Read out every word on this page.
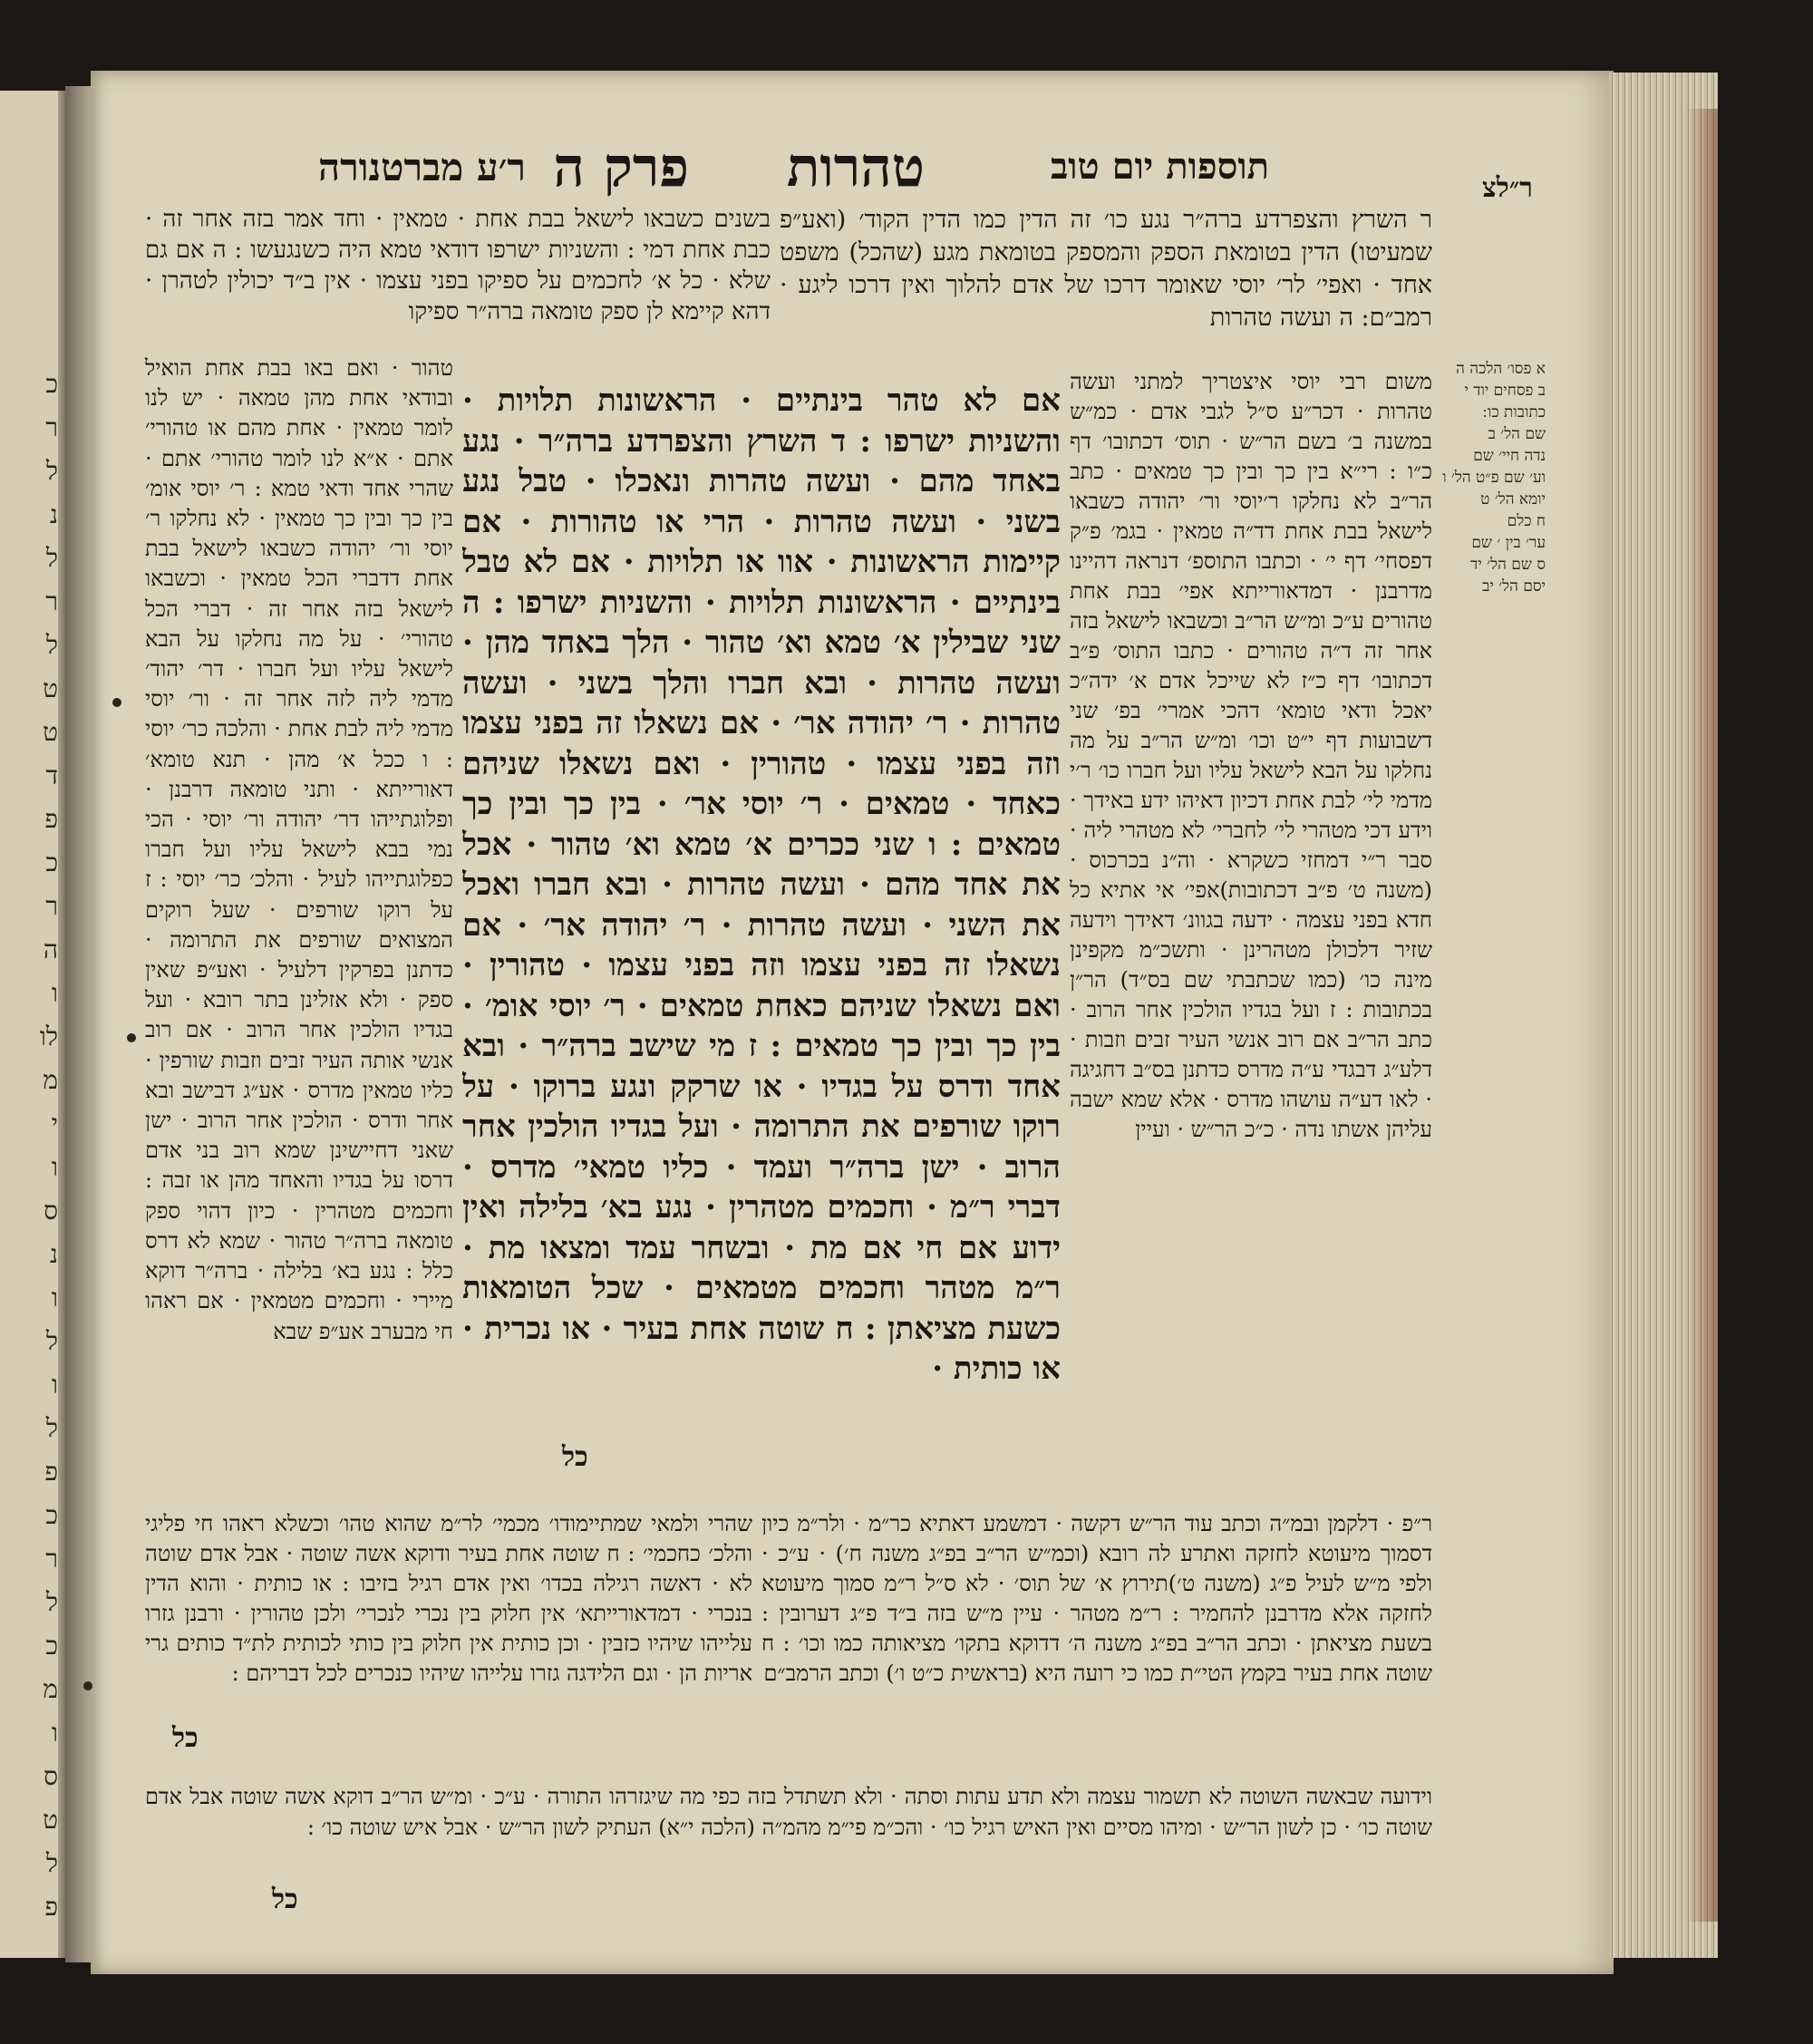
כ
ר
ל
נ
ל
ר
ל
ט
ט
ד
פ
כ
ר
ה
ו
לו
מ
י
ו
ס
נ
ו
ל
ו
ל
פ
כ
ר
ל
כ
מ
ו
ס
ט
ל
פ
תוספות יום טוב
טהרות
פרק ה
ר׳ע מברטנורה	ר״לצ

ר השרץ והצפרדע ברה״ר נגע כו׳ זה הדין כמו הדין הקוד׳ (ואע״פ שמעיטו) הדין בטומאת הספק והמספק בטומאת מגע (שהכל) משפט אחד · ואפי׳ לר׳ יוסי שאומר דרכו של אדם להלוך ואין דרכו ליגע · רמב״ם: ה ועשה טהרות

משום רבי יוסי איצטריך למתני ועשה טהרות · דכר״ע ס״ל לגבי אדם · כמ״ש במשנה ב׳ בשם הר״ש · תוס׳ דכתובו׳ דף כ״ו : רי״א בין כך ובין כך טמאים · כתב הר״ב לא נחלקו ר׳יוסי ור׳ יהודה כשבאו לישאל בבת אחת דד״ה טמאין · בגמ׳ פ״ק דפסחי׳ דף י׳ · וכתבו התוספ׳ דנראה דהיינו מדרבנן · דמדאורייתא אפי׳ בבת אחת טהורים ע״כ ומ״ש הר״ב וכשבאו לישאל בזה אחר זה ד״ה טהורים · כתבו התוס׳ פ״ב דכתובו׳ דף כ״ז לא שייכל אדם א׳ ידה״כ יאכל ודאי טומא׳ דהכי אמרי׳ בפ׳ שני דשבועות דף י״ט וכו׳ ומ״ש הר״ב על מה נחלקו על הבא לישאל עליו ועל חברו כו׳ ר׳י מדמי לי׳ לבת אחת דכיון דאיהו ידע באידך · וידע דכי מטהרי לי׳ לחברי׳ לא מטהרי ליה · סבר ר״י דמחזי כשקרא · וה״נ בכרכוס · (משנה ט׳ פ״ב דכתובות)אפי׳ אי אתיא כל חדא בפני עצמה · ידעה בגוונ׳ דאידך וידעה שזיר דלכולן מטהרינן · ותשכ״מ מקפינן מינה כו׳ (כמו שכתבתי שם בס״ד) הר״ן בכתובות : ז ועל בגדיו הולכין אחר הרוב · כתב הר״ב אם רוב אנשי העיר זבים וזבות · דלע״ג דבגדי ע״ה מדרס כדתנן בס״ב דחגיגה · לאו דע״ה עושהו מדרס · אלא שמא ישבה עליהן אשתו נדה · כ״כ הר״ש · ועיין

אם לא טהר בינתיים · הראשונות תלויות · והשניות ישרפו : ד השרץ והצפרדע ברה״ר · נגע באחד מהם · ועשה טהרות ונאכלו · טבל נגע בשני · ועשה טהרות · הרי או טהורות · אם קיימות הראשונות · אוו או תלויות · אם לא טבל בינתיים · הראשונות תלויות · והשניות ישרפו : ה שני שבילין א׳ טמא וא׳ טהור · הלך באחד מהן · ועשה טהרות · ובא חברו והלך בשני · ועשה טהרות · ר׳ יהודה אר׳ · אם נשאלו זה בפני עצמו וזה בפני עצמו · טהורין · ואם נשאלו שניהם כאחד · טמאים · ר׳ יוסי אר׳ · בין כך ובין כך טמאים : ו שני ככרים א׳ טמא וא׳ טהור · אכל את אחד מהם · ועשה טהרות · ובא חברו ואכל את השני · ועשה טהרות · ר׳ יהודה אר׳ · אם נשאלו זה בפני עצמו וזה בפני עצמו · טהורין · ואם נשאלו שניהם כאחת טמאים · ר׳ יוסי אומ׳ · בין כך ובין כך טמאים : ז מי שישב ברה״ר · ובא אחד ודרס על בגדיו · או שרקק ונגע ברוקו · על רוקו שורפים את התרומה · ועל בגדיו הולכין אחר הרוב · ישן ברה״ר ועמד · כליו טמאי׳ מדרס · דברי ר״מ · וחכמים מטהרין · נגע בא׳ בלילה ואין ידוע אם חי אם מת · ובשחר עמד ומצאו מת · ר״מ מטהר וחכמים מטמאים · שכל הטומאות כשעת מציאתן : ח שוטה אחת בעיר · או נכרית · או כותית ·

בשנים כשבאו לישאל בבת אחת · טמאין · וחד אמר בזה אחר זה · כבת אחת דמי : והשניות ישרפו דודאי טמא היה כשנגעשו : ה אם גם שלא · כל א׳ לחכמים על ספיקו בפני עצמו · אין ב״ד יכולין לטהרן · דהא קיימא לן ספק טומאה ברה״ר ספיקו

טהור · ואם באו בבת אחת הואיל ובודאי אחת מהן טמאה · יש לנו לומר טמאין · אחת מהם או טהורי׳ אתם · א״א לנו לומר טהורי׳ אתם · שהרי אחד ודאי טמא : ר׳ יוסי אומ׳ בין כך ובין כך טמאין · לא נחלקו ר׳ יוסי ור׳ יהודה כשבאו לישאל בבת אחת דדברי הכל טמאין · וכשבאו לישאל בזה אחר זה · דברי הכל טהורי׳ · על מה נחלקו על הבא לישאל עליו ועל חברו · דר׳ יהוד׳ מדמי ליה לזה אחר זה · ור׳ יוסי מדמי ליה לבת אחת · והלכה כר׳ יוסי : ו ככל א׳ מהן · תנא טומא׳ דאורייתא · ותני טומאה דרבנן · ופלוגתייהו דר׳ יהודה ור׳ יוסי · הכי נמי בבא לישאל עליו ועל חברו כפלוגתייהו לעיל · והלכ׳ כר׳ יוסי : ז על רוקו שורפים · שעל רוקים המצואים שורפים את התרומה · כדתנן בפרקין דלעיל · ואע״פ שאין ספק · ולא אזלינן בתר רובא · ועל בגדיו הולכין אחר הרוב · אם רוב אנשי אותה העיר זבים וזבות שורפין · כליו טמאין מדרס · אע״ג דבישב ובא אחר ודרס · הולכין אחר הרוב · ישן שאני דחיישינן שמא רוב בני אדם דרסו על בגדיו והאחד מהן או זבה : וחכמים מטהרין · כיון דהוי ספק טומאה ברה״ר טהור · שמא לא דרס כלל : נגע בא׳ בלילה · ברה״ר דוקא מיירי · וחכמים מטמאין · אם ראהו חי מבערב אע״פ שבא

ר״פ · דלקמן ובמ״ה וכתב עוד הר״ש דקשה · דמשמע דאתיא כר״מ · ולר״מ כיון דסמוך מיעוטא לחזקה ואתרע לה רובא (וכמ״ש הר״ב בפ״ג משנה ח׳) · ע״כ · ולפי מ״ש לעיל פ״ג (משנה ט׳)תירוץ א׳ של תוס׳ · לא ס״ל ר״מ סמוך מיעוטא לחזקה אלא מדרבנן להחמיר : ר״מ מטהר · עיין מ״ש בזה ב״ד פ״ג דערובין : בשעת מציאתן · וכתב הר״ב בפ״ג משנה ה׳ דדוקא בתקו׳ מציאותה כמו וכו׳ : ח שוטה אחת בעיר בקמץ הטי״ת כמו כי רועה היא (בראשית כ״ט ו׳) וכתב הרמב״ם

שהרי ולמאי שמתיימודו׳ מכמי׳ לר״מ שהוא טהו׳ וכשלא ראהו חי פליגי והלכ׳ כחכמי׳ : ח שוטה אחת בעיר ודוקא אשה שוטה · אבל אדם שוטה לא · דאשה רגילה בכדו׳ ואין אדם רגיל בזיבו : או כותית · והוא הדין בנכרי · דמדאורייתא׳ אין חלוק בין נכרי לנכרי׳ ולכן טהורין · ורבנן גזרו עלייהו שיהיו כזבין · וכן כותית אין חלוק בין כותי לכותית לת״ד כותים גרי אריות הן · וגם הלידגה גזרו עלייהו שיהיו כנכרים לכל דבריהם :

וידועה שבאשה השוטה לא תשמור עצמה ולא תדע עתות וסתה · ולא תשתדל בזה כפי מה שיגזרהו התורה · ע״כ · ומ״ש הר״ב דוקא אשה שוטה אבל אדם שוטה כו׳ · כן לשון הר״ש · ומיהו מסיים ואין האיש רגיל כו׳ · והכ״מ פי״מ מהמ״ה (הלכה י״א) העתיק לשון הר״ש · אבל איש שוטה כו׳ :

כל
כל
כל

א פסו׳ הלכה ה

ב פסחים יוד י

כתובות כו ׃

שם הל׳ ב

נדה חיי׳ שם

וע׳ שם פ״ט הל׳ ו

יומא הל׳ ט

ח כלם

ער׳ בין ׳ שם

ס שם הל׳ יד

יסם הל׳ יב
